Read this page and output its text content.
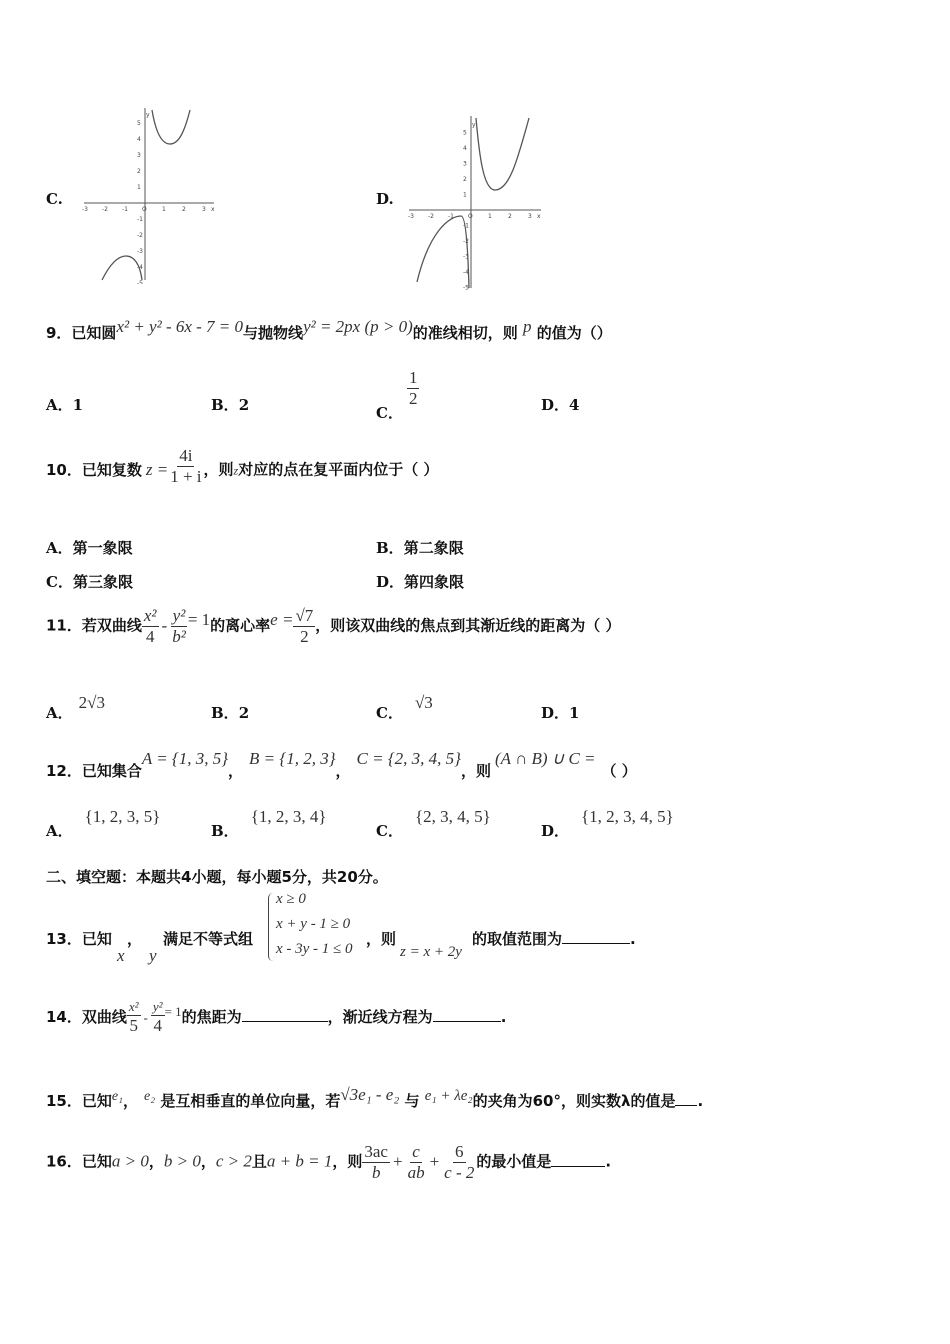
C.
-3 -2 -1 O	1	2	3 x
5
4
3
2
1
-1
-2
-3
-4
-5
y
D.
-3 -2 -1 O	1	2	3 x
5
4
3
2
1
-1
-2
-3
-4
-5
y
9．已知圆x² + y² - 6x - 7 = 0与抛物线y² = 2px (p > 0)的准线相切，则 p 的值为（）
A．1	B．2	C．
$\frac{1}{2}$	D．4
10．已知复数 $z = \frac{4i}{1 + i}$ ，则z对应的点在复平面内位于（ ）
A．第一象限	B．第二象限
C．第三象限	D．第四象限
11．若双曲线 $\frac{\text{x²}}{4} - \frac{\text{y²}}{\text{b²}} = 1$的离心率$e = \frac{√7}{2}$ ，则该双曲线的焦点到其渐近线的距离为（ ）
A．2√3
B．2	C．√3
D．1
12．已知集合A = {1, 3, 5}，B = {1, 2, 3}，C = {2, 3, 4, 5}，则(A ∩ B) ∪ C =（ ）
A．{1, 2, 3, 5}
B．{1, 2, 3, 4}
C．{2, 3, 4, 5}
D．{1, 2, 3, 4, 5}
二、填空题：本题共4小题，每小题5分，共20分。
13．已知
x
，
y
满足不等式组
x ≥ 0
x + y - 1 ≥ 0
x - 3y - 1 ≤ 0
，则
z = x + 2y
的取值范围为	.
14．双曲线 $\frac{\text{x²}}{5} - \frac{\text{y²}}{4} = 1$的焦距为	，渐近线方程为	.
15．已知e₁， e₂ 是互相垂直的单位向量，若√3e₁ - e₂ 与 e₁ + λe₂的夹角为60°，则实数λ的值是 .
16．已知a > 0，b > 0，c > 2且a + b = 1，则 $\frac{3ac}{b} + \frac{c}{ab} + \frac{6}{c - 2}$ 的最小值是	.
